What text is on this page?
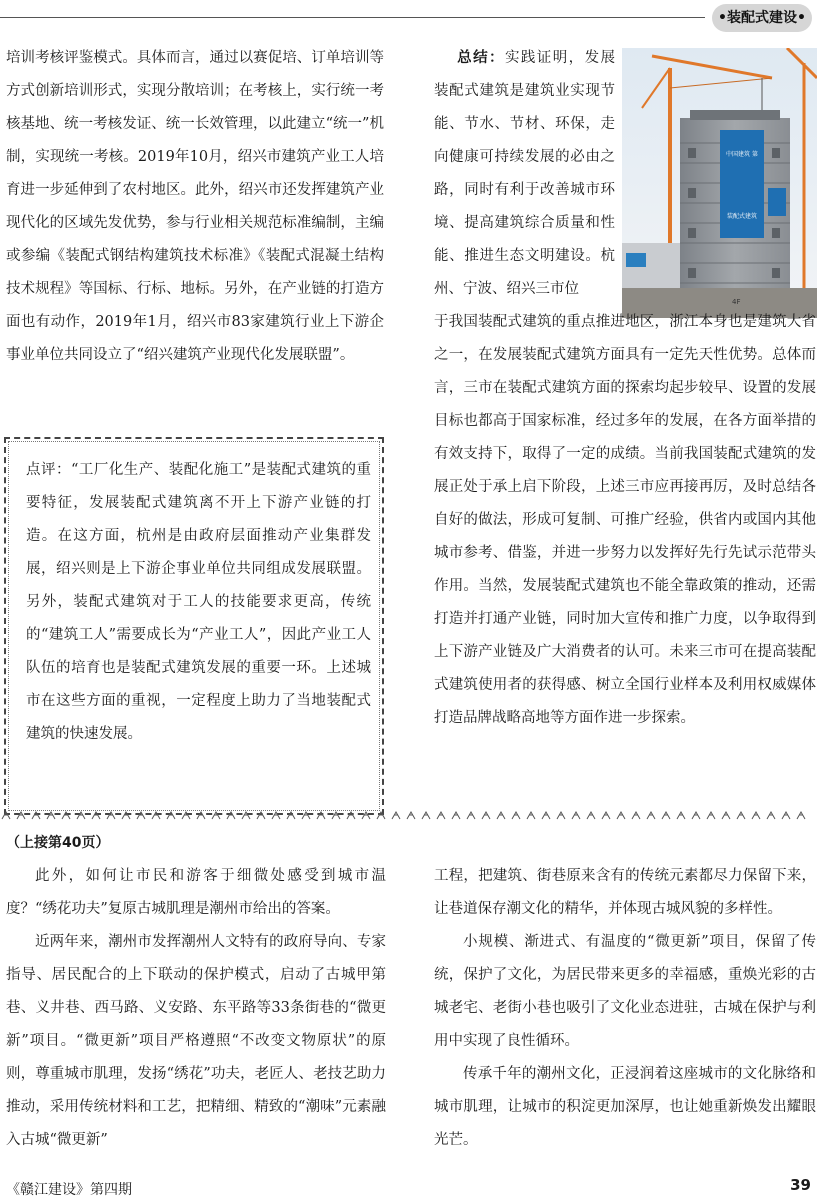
•装配式建设•

培训考核评鉴模式。具体而言，通过以赛促培、订单培训等方式创新培训形式，实现分散培训；在考核上，实行统一考核基地、统一考核发证、统一长效管理，以此建立“统一”机制，实现统一考核。2019年10月，绍兴市建筑产业工人培育进一步延伸到了农村地区。此外，绍兴市还发挥建筑产业现代化的区域先发优势，参与行业相关规范标准编制，主编或参编《装配式钢结构建筑技术标准》《装配式混凝土结构技术规程》等国标、行标、地标。另外，在产业链的打造方面也有动作，2019年1月，绍兴市83家建筑行业上下游企事业单位共同设立了“绍兴建筑产业现代化发展联盟”。

点评：“工厂化生产、装配化施工”是装配式建筑的重要特征，发展装配式建筑离不开上下游产业链的打造。在这方面，杭州是由政府层面推动产业集群发展，绍兴则是上下游企事业单位共同组成发展联盟。另外，装配式建筑对于工人的技能要求更高，传统的“建筑工人”需要成长为“产业工人”，因此产业工人队伍的培育也是装配式建筑发展的重要一环。上述城市在这些方面的重视，一定程度上助力了当地装配式建筑的快速发展。

  总结：实践证明，发展装配式建筑是建筑业实现节能、节水、节材、环保，走向健康可持续发展的必由之路，同时有利于改善城市环境、提高建筑综合质量和性能、推进生态文明建设。杭州、宁波、绍兴三市位

中国建筑 第
装配式建筑
4F

于我国装配式建筑的重点推进地区，浙江本身也是建筑大省之一，在发展装配式建筑方面具有一定先天性优势。总体而言，三市在装配式建筑方面的探索均起步较早、设置的发展目标也都高于国家标准，经过多年的发展，在各方面举措的有效支持下，取得了一定的成绩。当前我国装配式建筑的发展正处于承上启下阶段，上述三市应再接再厉，及时总结各自好的做法，形成可复制、可推广经验，供省内或国内其他城市参考、借鉴，并进一步努力以发挥好先行先试示范带头作用。当然，发展装配式建筑也不能全靠政策的推动，还需打造并打通产业链，同时加大宣传和推广力度，以争取得到上下游产业链及广大消费者的认可。未来三市可在提高装配式建筑使用者的获得感、树立全国行业样本及利用权威媒体打造品牌战略高地等方面作进一步探索。

（上接第40页）

此外，如何让市民和游客于细微处感受到城市温度？“绣花功夫”复原古城肌理是潮州市给出的答案。

近两年来，潮州市发挥潮州人文特有的政府导向、专家指导、居民配合的上下联动的保护模式，启动了古城甲第巷、义井巷、西马路、义安路、东平路等33条街巷的“微更新”项目。“微更新”项目严格遵照“不改变文物原状”的原则，尊重城市肌理，发扬“绣花”功夫，老匠人、老技艺助力推动，采用传统材料和工艺，把精细、精致的“潮味”元素融入古城“微更新”

工程，把建筑、街巷原来含有的传统元素都尽力保留下来，让巷道保存潮文化的精华，并体现古城风貌的多样性。

小规模、渐进式、有温度的“微更新”项目，保留了传统，保护了文化，为居民带来更多的幸福感，重焕光彩的古城老宅、老街小巷也吸引了文化业态进驻，古城在保护与利用中实现了良性循环。

传承千年的潮州文化，正浸润着这座城市的文化脉络和城市肌理，让城市的积淀更加深厚，也让她重新焕发出耀眼光芒。

《赣江建设》第四期	39
